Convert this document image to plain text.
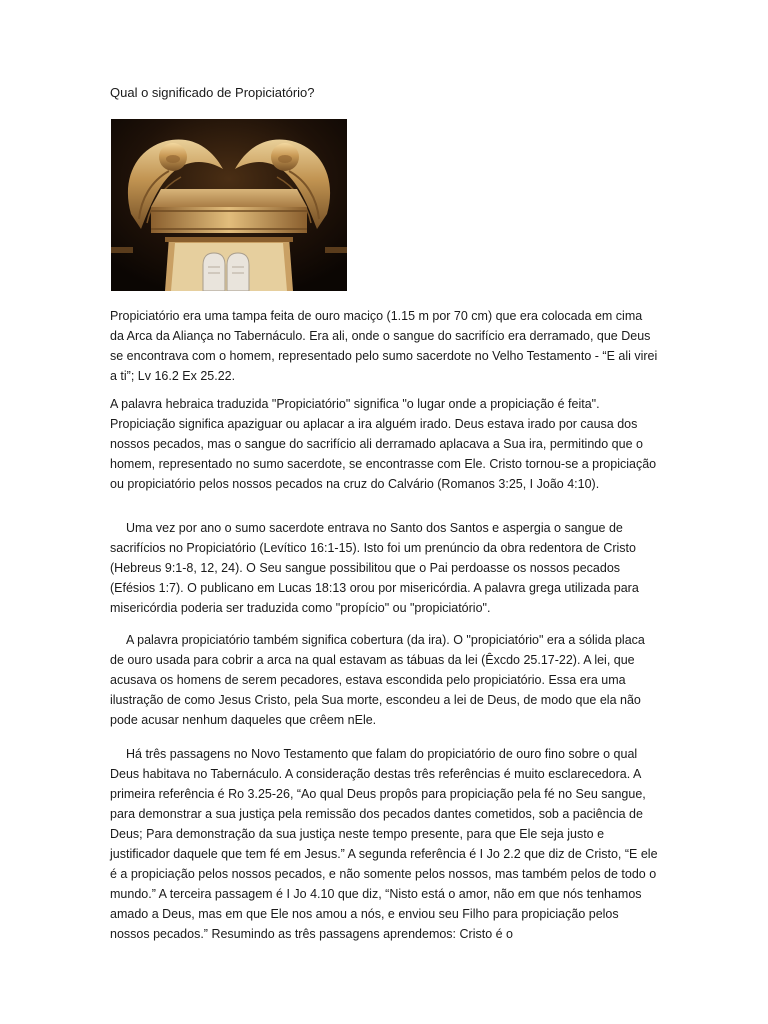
Qual o significado de Propiciatório?

Propiciatório era uma tampa feita de ouro maciço (1.15 m por 70 cm) que era colocada em cima da Arca da Aliança no Tabernáculo. Era ali, onde o sangue do sacrifício era derramado, que Deus se encontrava com o homem, representado pelo sumo sacerdote no Velho Testamento - “E ali virei a ti”; Lv 16.2 Ex 25.22.

A palavra hebraica traduzida "Propiciatório" significa "o lugar onde a propiciação é feita". Propiciação significa apaziguar ou aplacar a ira alguém irado. Deus estava irado por causa dos nossos pecados, mas o sangue do sacrifício ali derramado aplacava a Sua ira, permitindo que o homem, representado no sumo sacerdote, se encontrasse com Ele. Cristo tornou-se a propiciação ou propiciatório pelos nossos pecados na cruz do Calvário (Romanos 3:25, I João 4:10).

Uma vez por ano o sumo sacerdote entrava no Santo dos Santos e aspergia o sangue de sacrifícios no Propiciatório (Levítico 16:1-15). Isto foi um prenúncio da obra redentora de Cristo (Hebreus 9:1-8, 12, 24). O Seu sangue possibilitou que o Pai perdoasse os nossos pecados (Efésios 1:7). O publicano em Lucas 18:13 orou por misericórdia. A palavra grega utilizada para misericórdia poderia ser traduzida como "propício" ou "propiciatório".

A palavra propiciatório também significa cobertura (da ira). O "propiciatório" era a sólida placa de ouro usada para cobrir a arca na qual estavam as tábuas da lei (Êxcdo 25.17-22). A lei, que acusava os homens de serem pecadores, estava escondida pelo propiciatório. Essa era uma ilustração de como Jesus Cristo, pela Sua morte, escondeu a lei de Deus, de modo que ela não pode acusar nenhum daqueles que crêem nEle.

Há três passagens no Novo Testamento que falam do propiciatório de ouro fino sobre o qual Deus habitava no Tabernáculo. A consideração destas três referências é muito esclarecedora. A primeira referência é Ro 3.25-26, “Ao qual Deus propôs para propiciação pela fé no Seu sangue, para demonstrar a sua justiça pela remissão dos pecados dantes cometidos, sob a paciência de Deus; Para demonstração da sua justiça neste tempo presente, para que Ele seja justo e justificador daquele que tem fé em Jesus.” A segunda referência é I Jo 2.2 que diz de Cristo, “E ele é a propiciação pelos nossos pecados, e não somente pelos nossos, mas também pelos de todo o mundo.” A terceira passagem é I Jo 4.10 que diz, “Nisto está o amor, não em que nós tenhamos amado a Deus, mas em que Ele nos amou a nós, e enviou seu Filho para propiciação pelos nossos pecados.” Resumindo as três passagens aprendemos: Cristo é o
